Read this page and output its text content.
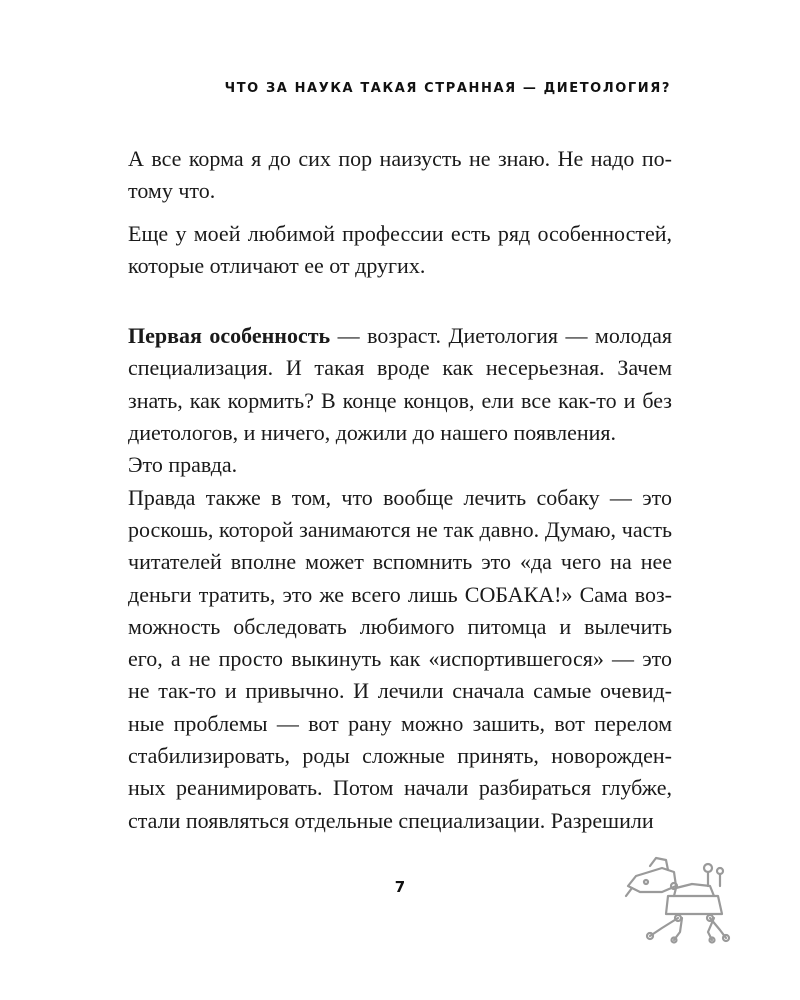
ЧТО ЗА НАУКА ТАКАЯ СТРАННАЯ — ДИЕТОЛОГИЯ?

А все корма я до сих пор наизусть не знаю. Не надо потому что.

Еще у моей любимой профессии есть ряд особенностей, которые отличают ее от других.

Первая особенность — возраст. Диетология — молодая специализация. И такая вроде как несерьезная. Зачем знать, как кормить? В конце концов, ели все как-то и без диетологов, и ничего, дожили до нашего появления.

Это правда.

Правда также в том, что вообще лечить собаку — это роскошь, которой занимаются не так давно. Думаю, часть читателей вполне может вспомнить это «да чего на нее деньги тратить, это же всего лишь СОБАКА!» Сама возможность обследовать любимого питомца и вылечить его, а не просто выкинуть как «испортившегося» — это не так-то и привычно. И лечили сначала самые очевидные проблемы — вот рану можно зашить, вот перелом стабилизировать, роды сложные принять, новорожденных реанимировать. Потом начали разбираться глубже, стали появляться отдельные специализации. Разрешили

7
